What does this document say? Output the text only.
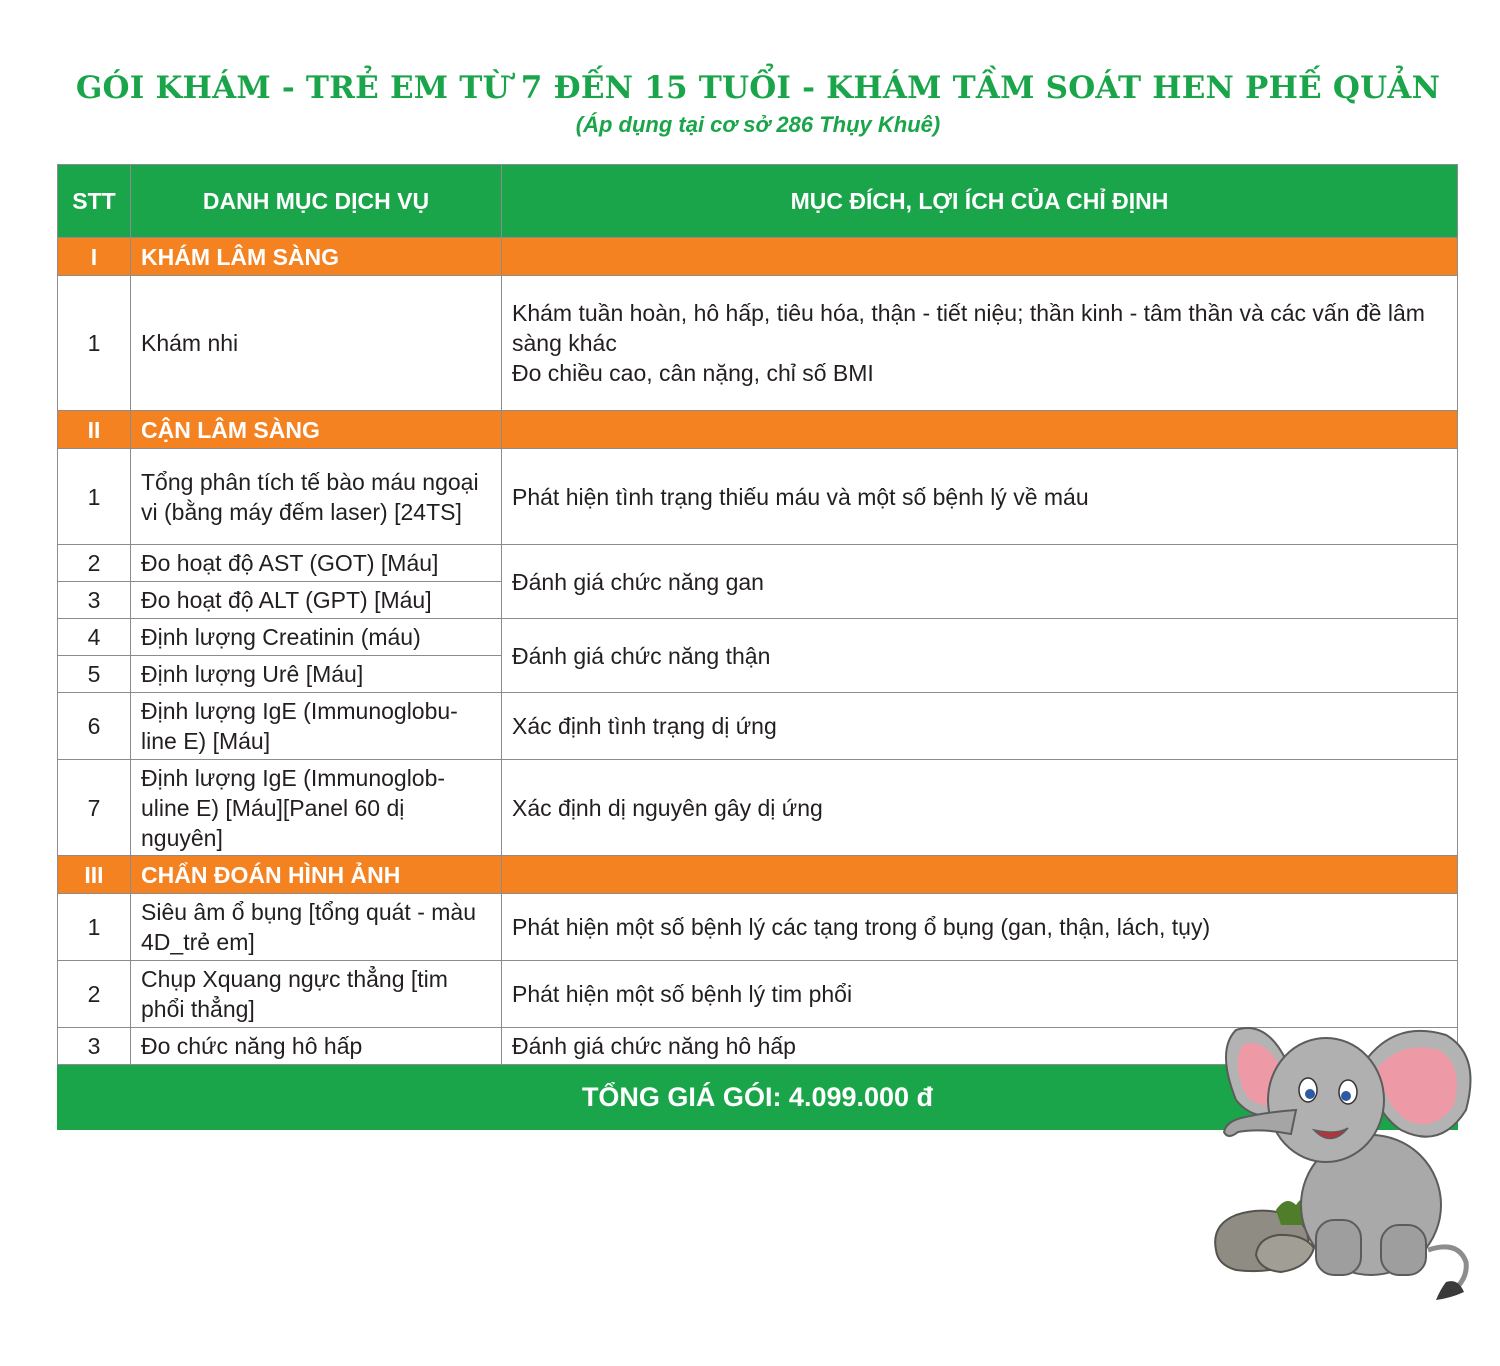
GÓI KHÁM - TRẺ EM TỪ 7 ĐẾN 15 TUỔI - KHÁM TẦM SOÁT HEN PHẾ QUẢN
(Áp dụng tại cơ sở 286 Thụy Khuê)
STT	DANH MỤC DỊCH VỤ	MỤC ĐÍCH, LỢI ÍCH CỦA CHỈ ĐỊNH
I	KHÁM LÂM SÀNG	
1	Khám nhi	Khám tuần hoàn, hô hấp, tiêu hóa, thận - tiết niệu; thần kinh - tâm thần và các vấn đề lâm sàng khác
Đo chiều cao, cân nặng, chỉ số BMI

II	CẬN LÂM SÀNG	
1	Tổng phân tích tế bào máu ngoại vi (bằng máy đếm laser) [24TS]	Phát hiện tình trạng thiếu máu và một số bệnh lý về máu
2	Đo hoạt độ AST (GOT) [Máu]	Đánh giá chức năng gan
3	Đo hoạt độ ALT (GPT) [Máu]	
4	Định lượng Creatinin (máu)	Đánh giá chức năng thận
5	Định lượng Urê [Máu]	
6	Định lượng IgE (Immunoglobu-line E) [Máu]	Xác định tình trạng dị ứng
7	Định lượng IgE (Immunoglob-uline E) [Máu][Panel 60 dị nguyên]	Xác định dị nguyên gây dị ứng
III	CHẨN ĐOÁN HÌNH ẢNH	
1	Siêu âm ổ bụng [tổng quát - màu 4D_trẻ em]	Phát hiện một số bệnh lý các tạng trong ổ bụng (gan, thận, lách, tụy)
2	Chụp Xquang ngực thẳng [tim phổi thẳng]	Phát hiện một số bệnh lý tim phổi
3	Đo chức năng hô hấp	Đánh giá chức năng hô hấp
TỔNG GIÁ GÓI: 4.099.000 đ		
